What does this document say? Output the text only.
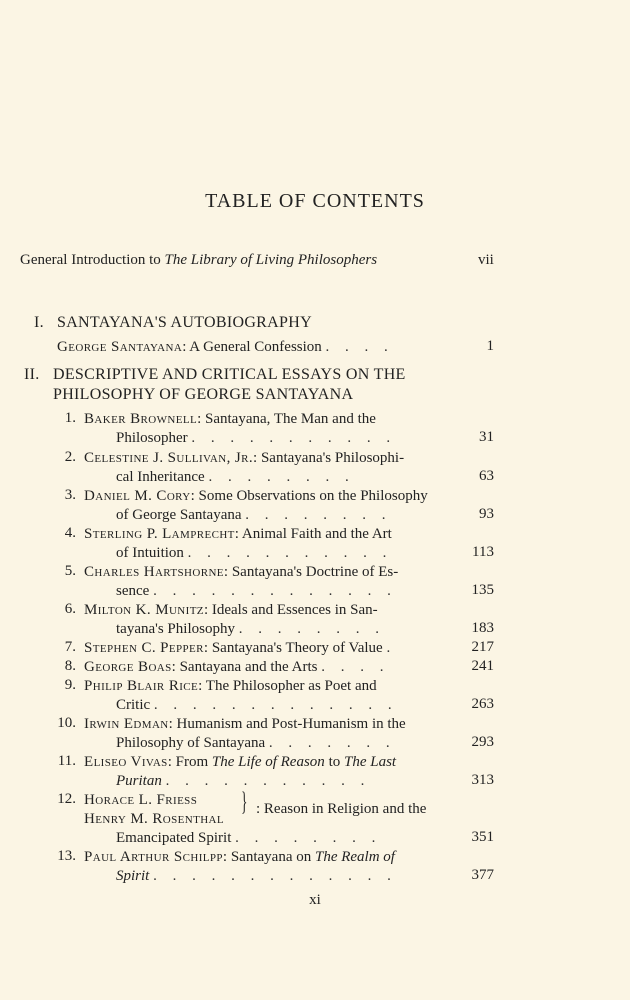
TABLE OF CONTENTS
General Introduction to The Library of Living Philosophers	vii
I. SANTAYANA'S AUTOBIOGRAPHY
George Santayana: A General Confession . . . .	1
II. DESCRIPTIVE AND CRITICAL ESSAYS ON THE
PHILOSOPHY OF GEORGE SANTAYANA
1. Baker Brownell: Santayana, The Man and the
Philosopher . . . . . . . . . . .	31
2. Celestine J. Sullivan, Jr.: Santayana's Philosophi-
cal Inheritance . . . . . . . .	63
3. Daniel M. Cory: Some Observations on the Philosophy
of George Santayana . . . . . . . .	93
4. Sterling P. Lamprecht: Animal Faith and the Art
of Intuition . . . . . . . . . . .	113
5. Charles Hartshorne: Santayana's Doctrine of Es-
sence . . . . . . . . . . . . .	135
6. Milton K. Munitz: Ideals and Essences in San-
tayana's Philosophy . . . . . . . .	183
7. Stephen C. Pepper: Santayana's Theory of Value .	217
8. George Boas: Santayana and the Arts . . . .	241
9. Philip Blair Rice: The Philosopher as Poet and
Critic . . . . . . . . . . . . .	263
10. Irwin Edman: Humanism and Post-Humanism in the
Philosophy of Santayana . . . . . . .	293
11. Eliseo Vivas: From The Life of Reason to The Last
Puritan . . . . . . . . . . .	313
12. Horace L. Friess
Henry M. Rosenthal
} : Reason in Religion and the
Emancipated Spirit . . . . . . . .	351
13. Paul Arthur Schilpp: Santayana on The Realm of
Spirit . . . . . . . . . . . . .	377
xi
